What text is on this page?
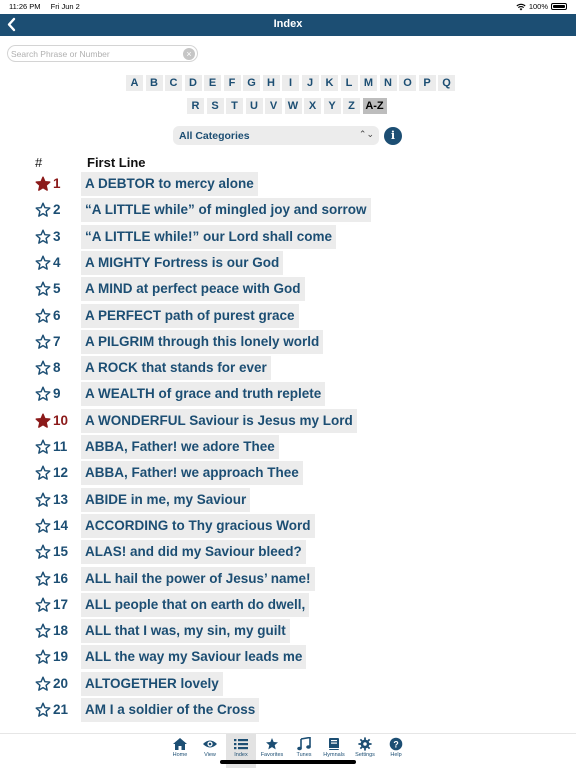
11:26 PM Fri Jun 2	100%
Index
Search Phrase or Number
×
A	B	C	D	E	F	G	H	I	J	K	L	M N	O	P	Q
R	S	T	U	V W X	Y	Z A-Z
All Categories	⌃⌄	i
#	First Line
1 A DEBTOR to mercy alone
2 “A LITTLE while” of mingled joy and sorrow
3 “A LITTLE while!” our Lord shall come
4 A MIGHTY Fortress is our God
5 A MIND at perfect peace with God
6 A PERFECT path of purest grace
7 A PILGRIM through this lonely world
8 A ROCK that stands for ever
9 A WEALTH of grace and truth replete
10 A WONDERFUL Saviour is Jesus my Lord
11 ABBA, Father! we adore Thee
12 ABBA, Father! we approach Thee
13 ABIDE in me, my Saviour
14 ACCORDING to Thy gracious Word
15 ALAS! and did my Saviour bleed?
16 ALL hail the power of Jesus’ name!
17 ALL people that on earth do dwell,
18 ALL that I was, my sin, my guilt
19 ALL the way my Saviour leads me
20 ALTOGETHER lovely
21 AM I a soldier of the Cross
Home	View	Index	Favorites	Tunes	Hymnals	Settings
?
Help
